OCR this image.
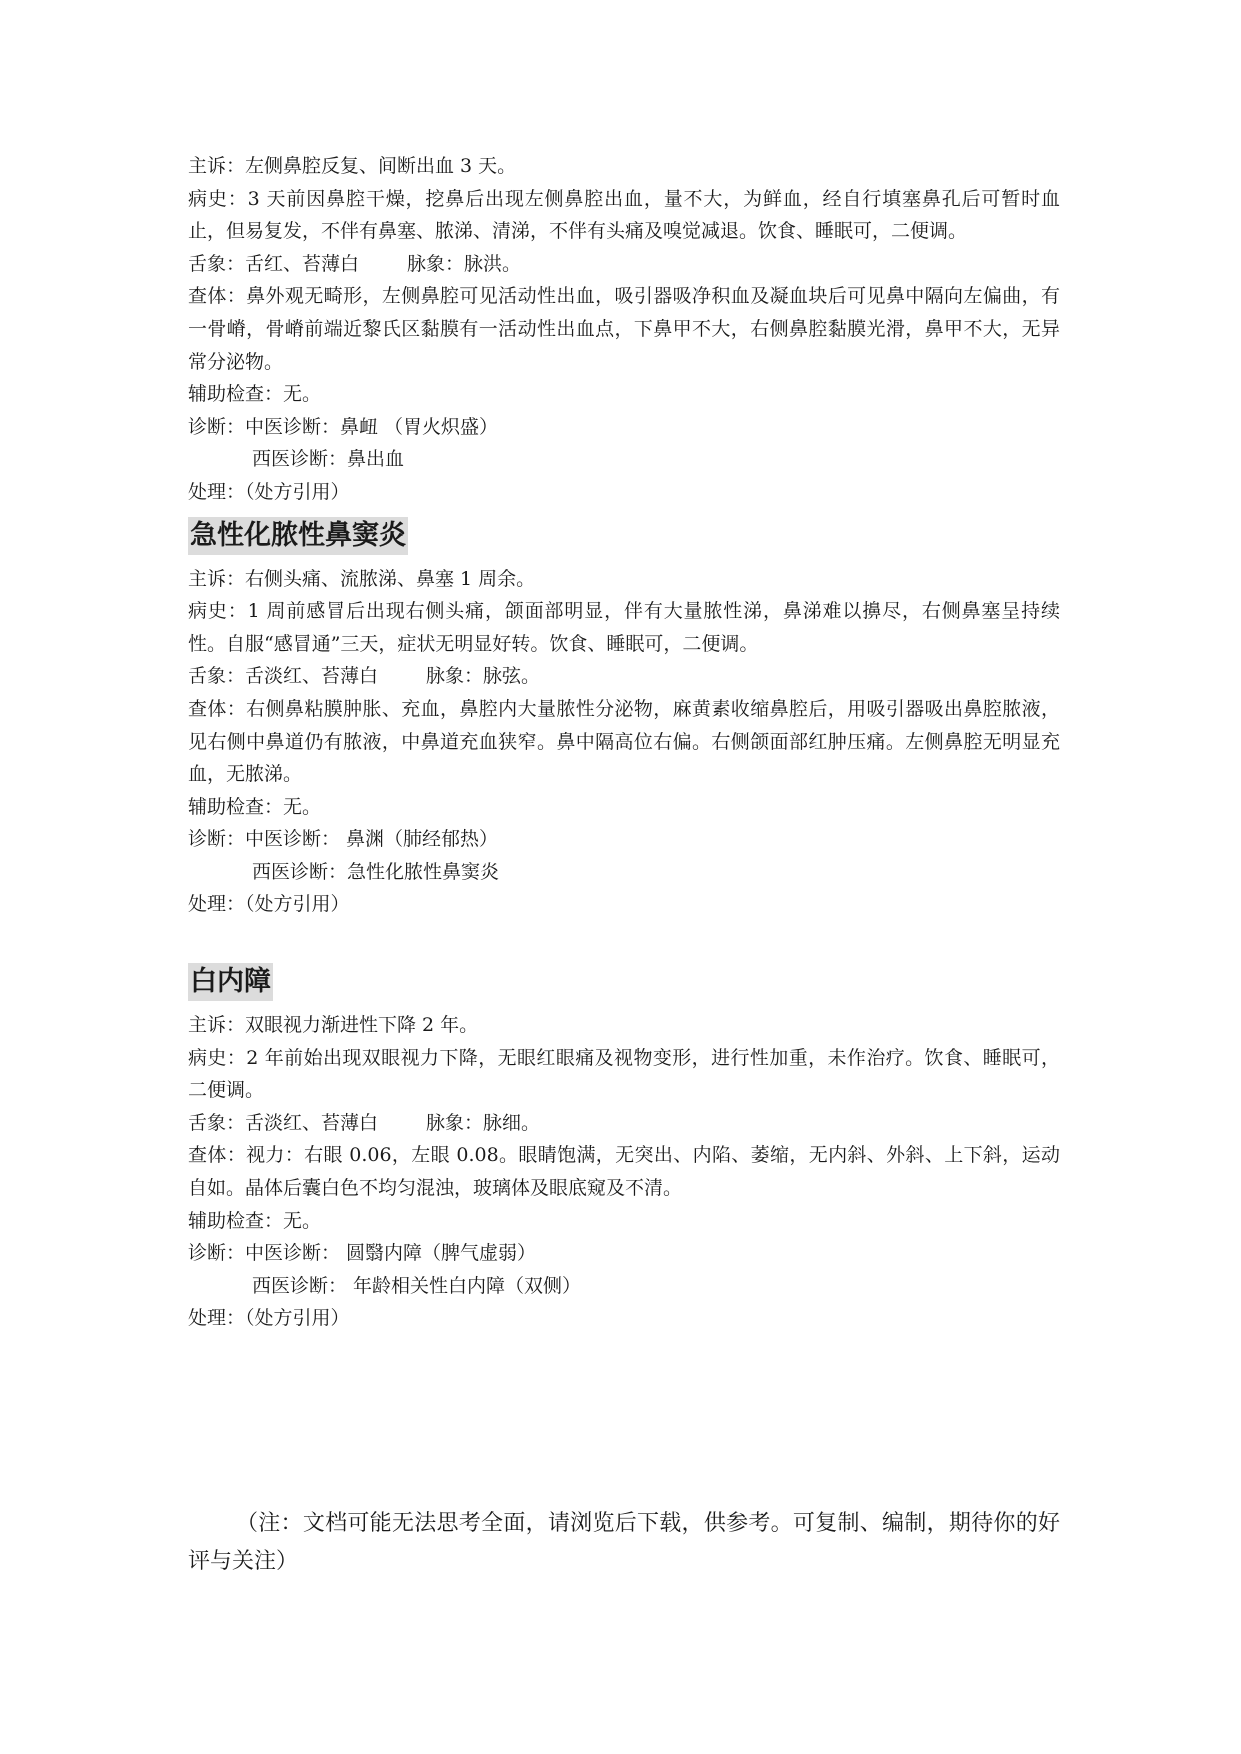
主诉：左侧鼻腔反复、间断出血 3 天。
病史：3 天前因鼻腔干燥，挖鼻后出现左侧鼻腔出血，量不大，为鲜血，经自行填塞鼻孔后可暂时血止，但易复发，不伴有鼻塞、脓涕、清涕，不伴有头痛及嗅觉减退。饮食、睡眠可，二便调。
舌象：舌红、苔薄白	脉象：脉洪。
查体：鼻外观无畸形，左侧鼻腔可见活动性出血，吸引器吸净积血及凝血块后可见鼻中隔向左偏曲，有一骨嵴，骨嵴前端近黎氏区黏膜有一活动性出血点，下鼻甲不大，右侧鼻腔黏膜光滑，鼻甲不大，无异常分泌物。
辅助检查：无。
诊断：中医诊断：鼻衄 （胃火炽盛）
西医诊断：鼻出血
处理：（处方引用）
急性化脓性鼻窦炎
主诉：右侧头痛、流脓涕、鼻塞 1 周余。
病史：1 周前感冒后出现右侧头痛，颌面部明显，伴有大量脓性涕，鼻涕难以擤尽，右侧鼻塞呈持续性。自服“感冒通”三天，症状无明显好转。饮食、睡眠可，二便调。
舌象：舌淡红、苔薄白	脉象：脉弦。
查体：右侧鼻粘膜肿胀、充血，鼻腔内大量脓性分泌物，麻黄素收缩鼻腔后，用吸引器吸出鼻腔脓液，见右侧中鼻道仍有脓液，中鼻道充血狭窄。鼻中隔高位右偏。右侧颌面部红肿压痛。左侧鼻腔无明显充血，无脓涕。
辅助检查：无。
诊断：中医诊断： 鼻渊（肺经郁热）
西医诊断：急性化脓性鼻窦炎
处理：（处方引用）
白内障
主诉：双眼视力渐进性下降 2 年。
病史：2 年前始出现双眼视力下降，无眼红眼痛及视物变形，进行性加重，未作治疗。饮食、睡眠可，二便调。
舌象：舌淡红、苔薄白	脉象：脉细。
查体：视力：右眼 0.06，左眼 0.08。眼睛饱满，无突出、内陷、萎缩，无内斜、外斜、上下斜，运动自如。晶体后囊白色不均匀混浊，玻璃体及眼底窥及不清。
辅助检查：无。
诊断：中医诊断： 圆翳内障（脾气虚弱）
西医诊断： 年龄相关性白内障（双侧）
处理：（处方引用）
（注：文档可能无法思考全面，请浏览后下载，供参考。可复制、编制，期待你的好评与关注）
